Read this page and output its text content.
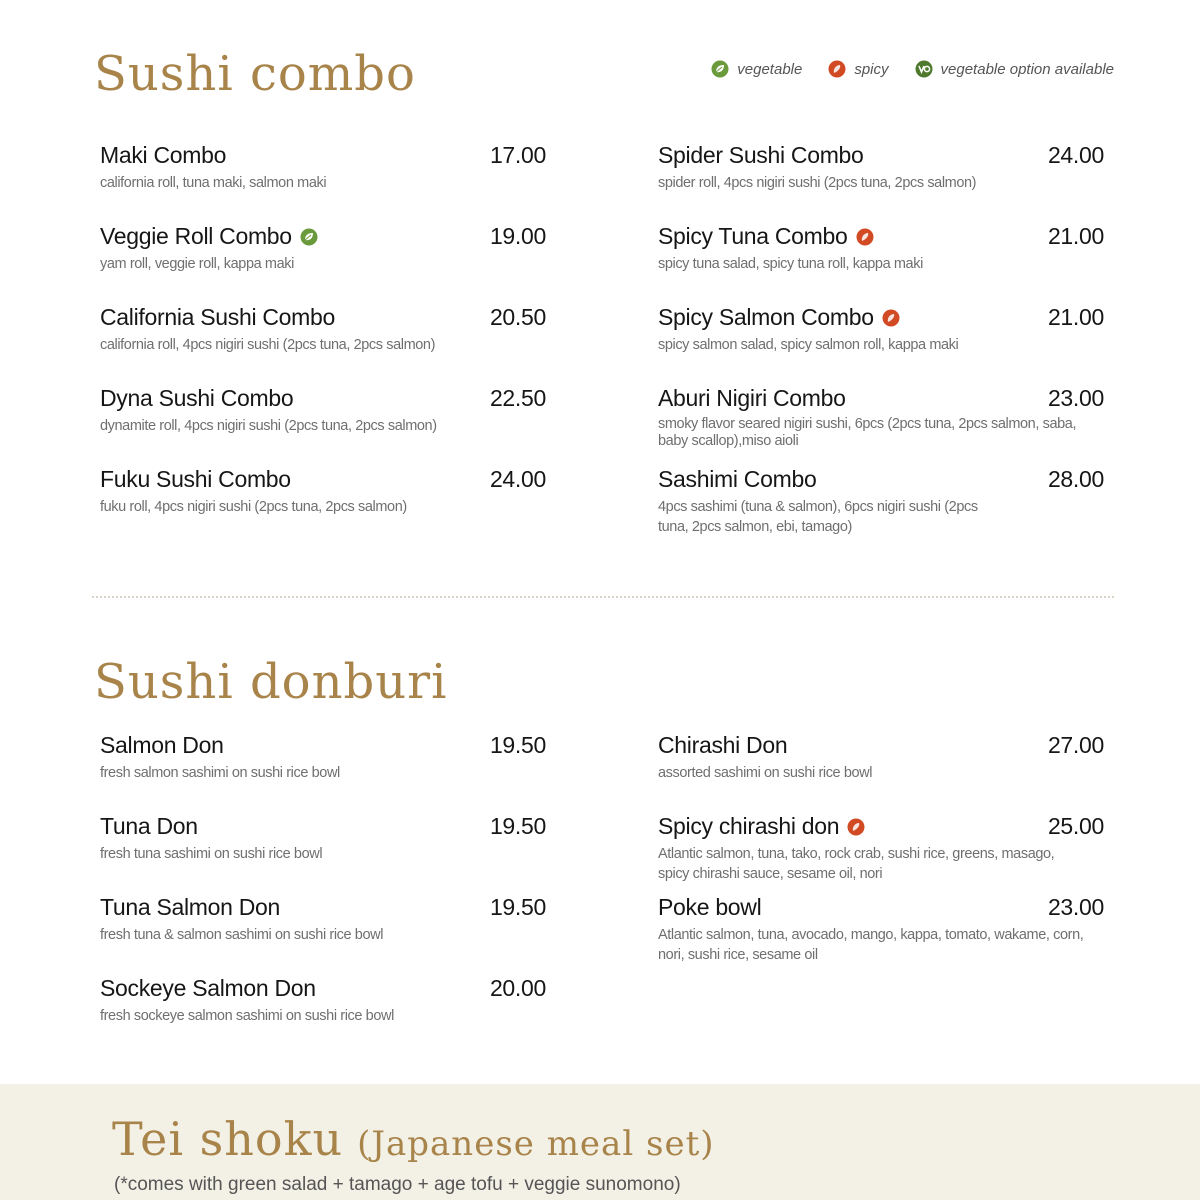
Sushi combo	vegetable	spicy	vegetable option available
Maki Combo	17.00
california roll, tuna maki, salmon maki
Veggie Roll Combo	19.00
yam roll, veggie roll, kappa maki
California Sushi Combo	20.50
california roll, 4pcs nigiri sushi (2pcs tuna, 2pcs salmon)
Dyna Sushi Combo	22.50
dynamite roll, 4pcs nigiri sushi (2pcs tuna, 2pcs salmon)
Fuku Sushi Combo	24.00
fuku roll, 4pcs nigiri sushi (2pcs tuna, 2pcs salmon)
Spider Sushi Combo	24.00
spider roll, 4pcs nigiri sushi (2pcs tuna, 2pcs salmon)
Spicy Tuna Combo	21.00
spicy tuna salad, spicy tuna roll, kappa maki
Spicy Salmon Combo	21.00
spicy salmon salad, spicy salmon roll, kappa maki
Aburi Nigiri Combo	23.00
smoky flavor seared nigiri sushi, 6pcs (2pcs tuna, 2pcs salmon, saba, baby scallop),miso aioli
Sashimi Combo	28.00
4pcs sashimi (tuna & salmon), 6pcs nigiri sushi (2pcs tuna, 2pcs salmon, ebi, tamago)
Sushi donburi
Salmon Don	19.50
fresh salmon sashimi on sushi rice bowl
Tuna Don	19.50
fresh tuna sashimi on sushi rice bowl
Tuna Salmon Don	19.50
fresh tuna & salmon sashimi on sushi rice bowl
Sockeye Salmon Don	20.00
fresh sockeye salmon sashimi on sushi rice bowl
Chirashi Don	27.00
assorted sashimi on sushi rice bowl
Spicy chirashi don	25.00
Atlantic salmon, tuna, tako, rock crab, sushi rice, greens, masago, spicy chirashi sauce, sesame oil, nori
Poke bowl	23.00
Atlantic salmon, tuna, avocado, mango, kappa, tomato, wakame, corn, nori, sushi rice, sesame oil
Tei shoku (Japanese meal set)
(*comes with green salad + tamago + age tofu + veggie sunomono)
